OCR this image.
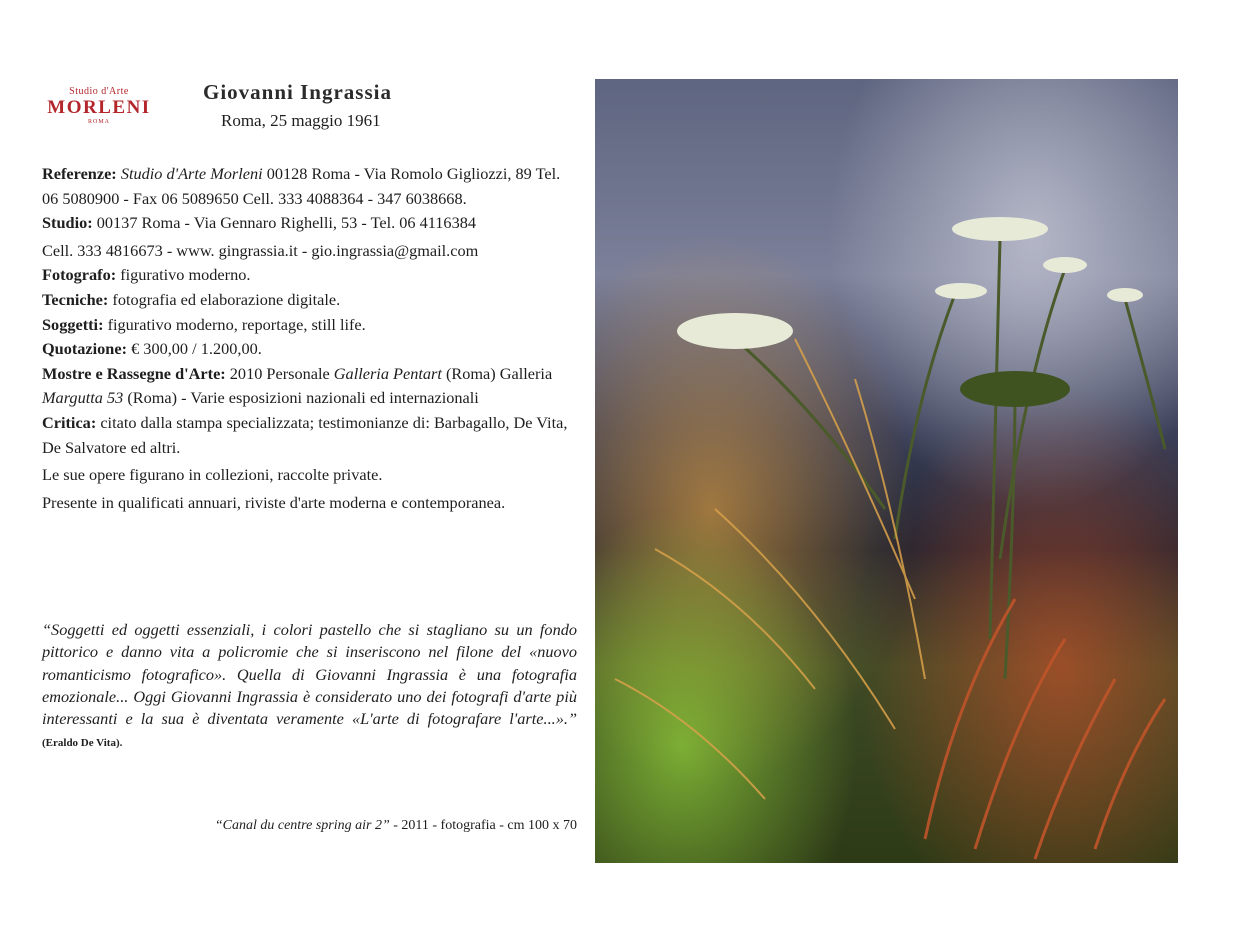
Studio d'Arte
MORLENI
ROMA

Giovanni Ingrassia

Roma, 25 maggio 1961

Referenze: Studio d'Arte Morleni 00128 Roma - Via Romolo Gigliozzi, 89 Tel. 06 5080900 - Fax 06 5089650 Cell. 333 4088364 - 347 6038668.

Studio: 00137 Roma - Via Gennaro Righelli, 53 - Tel. 06 4116384

Cell. 333 4816673 - www. gingrassia.it - gio.ingrassia@gmail.com

Fotografo: figurativo moderno.

Tecniche: fotografia ed elaborazione digitale.

Soggetti: figurativo moderno, reportage, still life.

Quotazione: € 300,00 / 1.200,00.

Mostre e Rassegne d'Arte: 2010 Personale Galleria Pentart (Roma) Galleria Margutta 53 (Roma) - Varie esposizioni nazionali ed internazionali

Critica: citato dalla stampa specializzata; testimonianze di: Barbagallo, De Vita, De Salvatore ed altri.

Le sue opere figurano in collezioni, raccolte private.

Presente in qualificati annuari, riviste d'arte moderna e contemporanea.

“Soggetti ed oggetti essenziali, i colori pastello che si stagliano su un fondo pittorico e danno vita a policromie che si inseriscono nel filone del «nuovo romanticismo fotografico». Quella di Giovanni Ingrassia è una fotografia emozionale... Oggi Giovanni Ingrassia è considerato uno dei fotografi d'arte più interessanti e la sua è diventata veramente «L'arte di fotografare l'arte...».” (Eraldo De Vita).
“Canal du centre spring air 2” - 2011 - fotografia - cm 100 x 70
